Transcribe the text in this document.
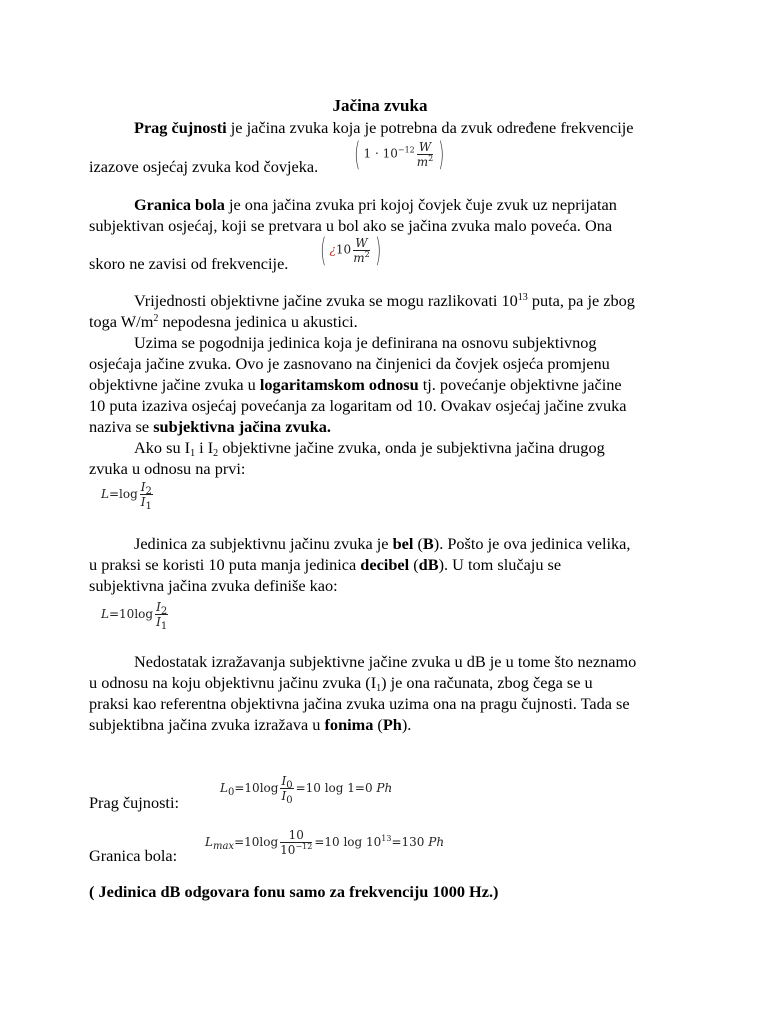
Jačina zvuka
Prag čujnosti je jačina zvuka koja je potrebna da zvuk određene frekvencije
izazove osjećaj zvuka kod čovjeka. ( $1 \cdot 10^{-12} \frac{W}{m^2}$ )
Granica bola je ona jačina zvuka pri kojoj čovjek čuje zvuk uz neprijatan
subjektivan osjećaj, koji se pretvara u bol ako se jačina zvuka malo poveća. Ona
skoro ne zavisi od frekvencije. ( ¿$10 \frac{W}{m^2}$ )
Vrijednosti objektivne jačine zvuka se mogu razlikovati $10^{13}$ puta, pa je zbog
toga $W/m^2$ nepodesna jedinica u akustici.
Uzima se pogodnija jedinica koja je definirana na osnovu subjektivnog
osjećaja jačine zvuka. Ovo je zasnovano na činjenici da čovjek osjeća promjenu
objektivne jačine zvuka u logaritamskom odnosu tj. povećanje objektivne jačine
10 puta izaziva osjećaj povećanja za logaritam od 10. Ovakav osjećaj jačine zvuka
naziva se subjektivna jačina zvuka.
Ako su $I_1$ i $I_2$ objektivne jačine zvuka, onda je subjektivna jačina drugog
zvuka u odnosu na prvi:
$L=\log \frac{I_2}{I_1}$
Jedinica za subjektivnu jačinu zvuka je bel (B). Pošto je ova jedinica velika,
u praksi se koristi 10 puta manja jedinica decibel (dB). U tom slučaju se
subjektivna jačina zvuka definiše kao:
$L=10\log \frac{I_2}{I_1}$
Nedostatak izražavanja subjektivne jačine zvuka u dB je u tome što neznamo
u odnosu na koju objektivnu jačinu zvuka $(I_1)$ je ona računata, zbog čega se u
praksi kao referentna objektivna jačina zvuka uzima ona na pragu čujnosti. Tada se
subjektibna jačina zvuka izražava u fonima (Ph).
Prag čujnosti:
$L_0=10\log \frac{I_0}{I_0} =10$ log 1=0 Ph
Granica bola:
$L_{max}=10\log \frac{10}{10^{-12}} =10$ $\log 10^{13}=130$ Ph
( Jedinica dB odgovara fonu samo za frekvenciju 1000 Hz.)
